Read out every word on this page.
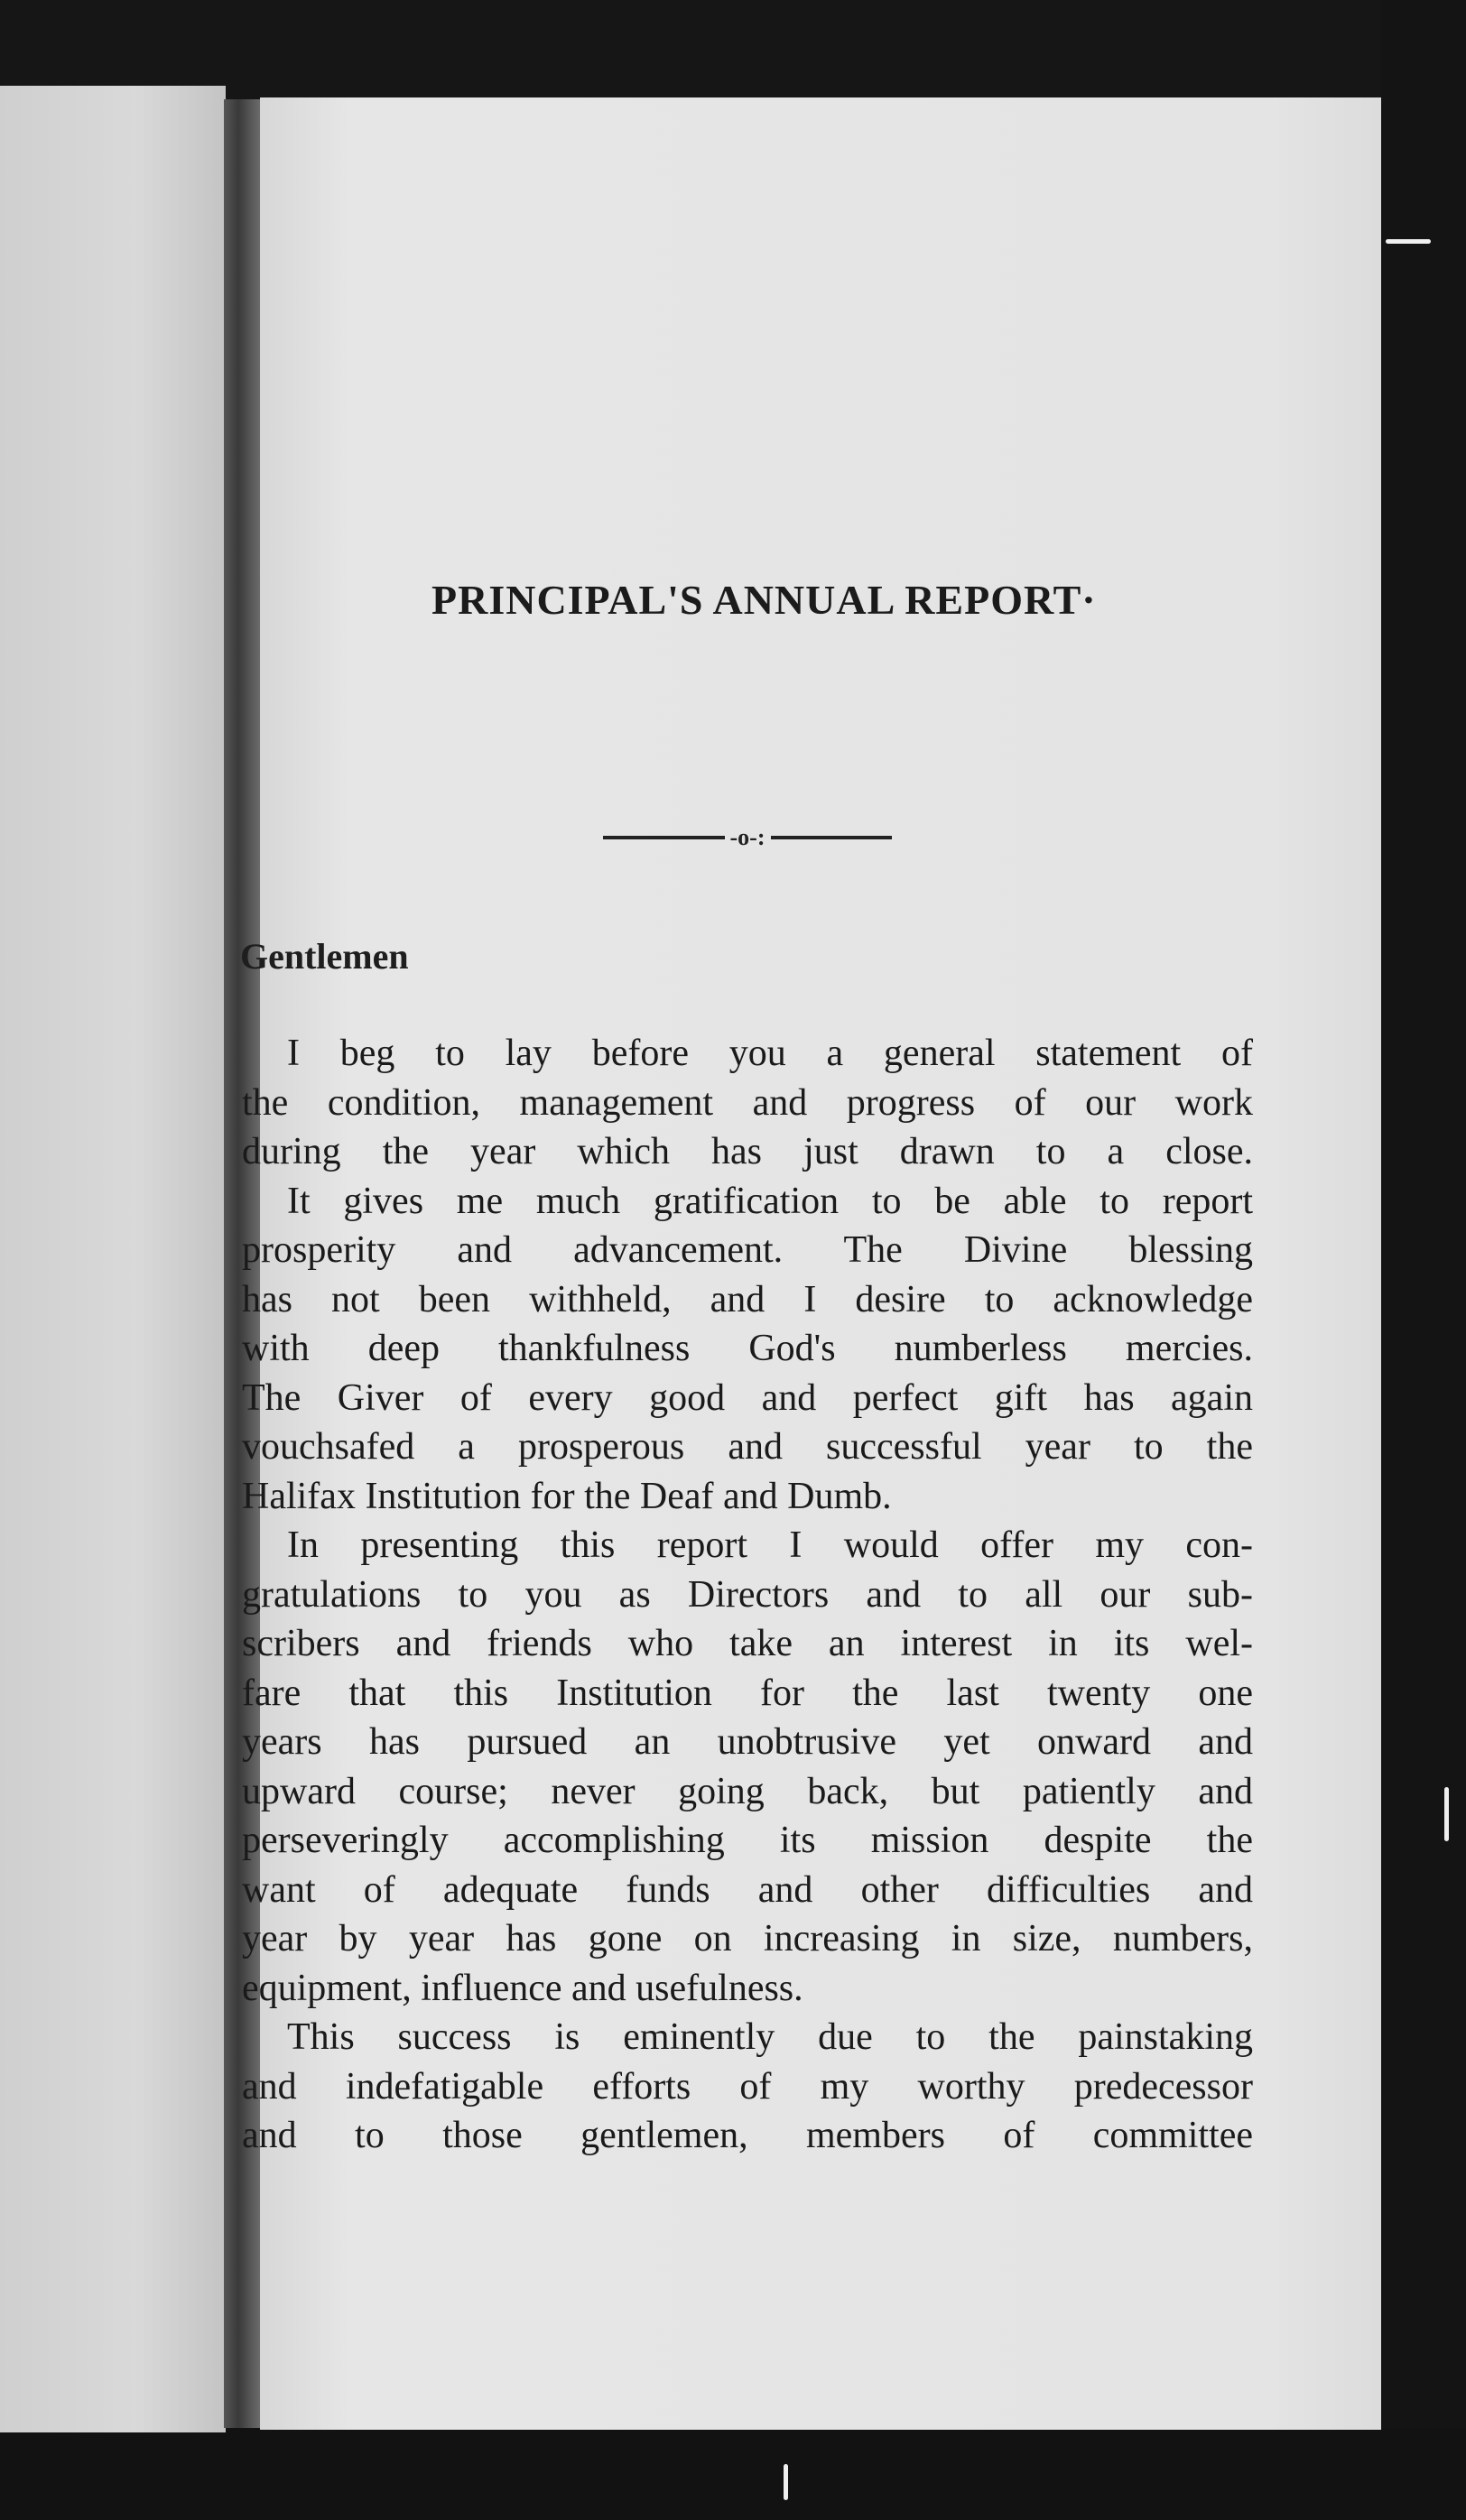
PRINCIPAL'S ANNUAL REPORT·
-o-:
Gentlemen
I beg to lay before you a general statement of
the condition, management and progress of our work
during the year which has just drawn to a close.
It gives me much gratification to be able to report
prosperity and advancement. The Divine blessing
has not been withheld, and I desire to acknowledge
with deep thankfulness God's numberless mercies.
The Giver of every good and perfect gift has again
vouchsafed a prosperous and successful year to the
Halifax Institution for the Deaf and Dumb.
In presenting this report I would offer my con-
gratulations to you as Directors and to all our sub-
scribers and friends who take an interest in its wel-
fare that this Institution for the last twenty one
years has pursued an unobtrusive yet onward and
upward course; never going back, but patiently and
perseveringly accomplishing its mission despite the
want of adequate funds and other difficulties and
year by year has gone on increasing in size, numbers,
equipment, influence and usefulness.
This success is eminently due to the painstaking
and indefatigable efforts of my worthy predecessor
and to those gentlemen, members of committee
